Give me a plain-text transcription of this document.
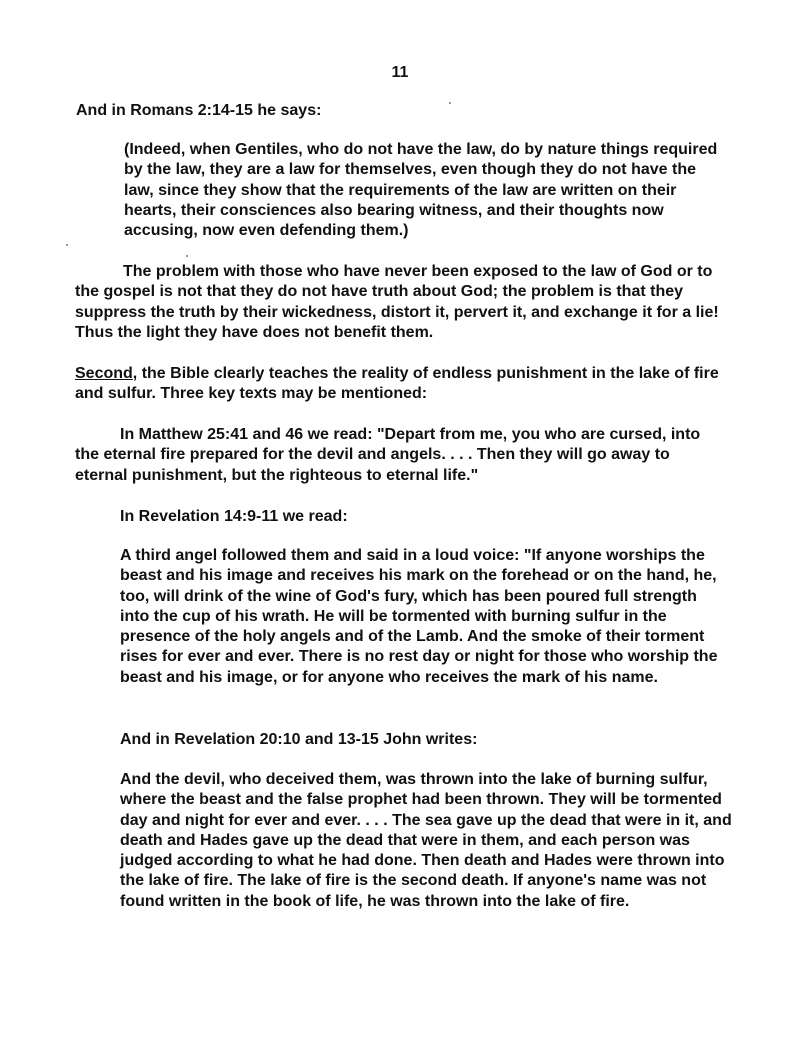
11

And in Romans 2:14-15 he says:

(Indeed, when Gentiles, who do not have the law, do by nature things required by the law, they are a law for themselves, even though they do not have the law, since they show that the requirements of the law are written on their hearts, their consciences also bearing witness, and their thoughts now accusing, now even defending them.)

The problem with those who have never been exposed to the law of God or to the gospel is not that they do not have truth about God; the problem is that they suppress the truth by their wickedness, distort it, pervert it, and exchange it for a lie! Thus the light they have does not benefit them.

Second, the Bible clearly teaches the reality of endless punishment in the lake of fire and sulfur. Three key texts may be mentioned:

In Matthew 25:41 and 46 we read: "Depart from me, you who are cursed, into the eternal fire prepared for the devil and angels. . . . Then they will go away to eternal punishment, but the righteous to eternal life."

In Revelation 14:9-11 we read:

A third angel followed them and said in a loud voice: "If anyone worships the beast and his image and receives his mark on the forehead or on the hand, he, too, will drink of the wine of God's fury, which has been poured full strength into the cup of his wrath. He will be tormented with burning sulfur in the presence of the holy angels and of the Lamb. And the smoke of their torment rises for ever and ever. There is no rest day or night for those who worship the beast and his image, or for anyone who receives the mark of his name.

And in Revelation 20:10 and 13-15 John writes:

And the devil, who deceived them, was thrown into the lake of burning sulfur, where the beast and the false prophet had been thrown. They will be tormented day and night for ever and ever. . . . The sea gave up the dead that were in it, and death and Hades gave up the dead that were in them, and each person was judged according to what he had done. Then death and Hades were thrown into the lake of fire. The lake of fire is the second death. If anyone's name was not found written in the book of life, he was thrown into the lake of fire.
